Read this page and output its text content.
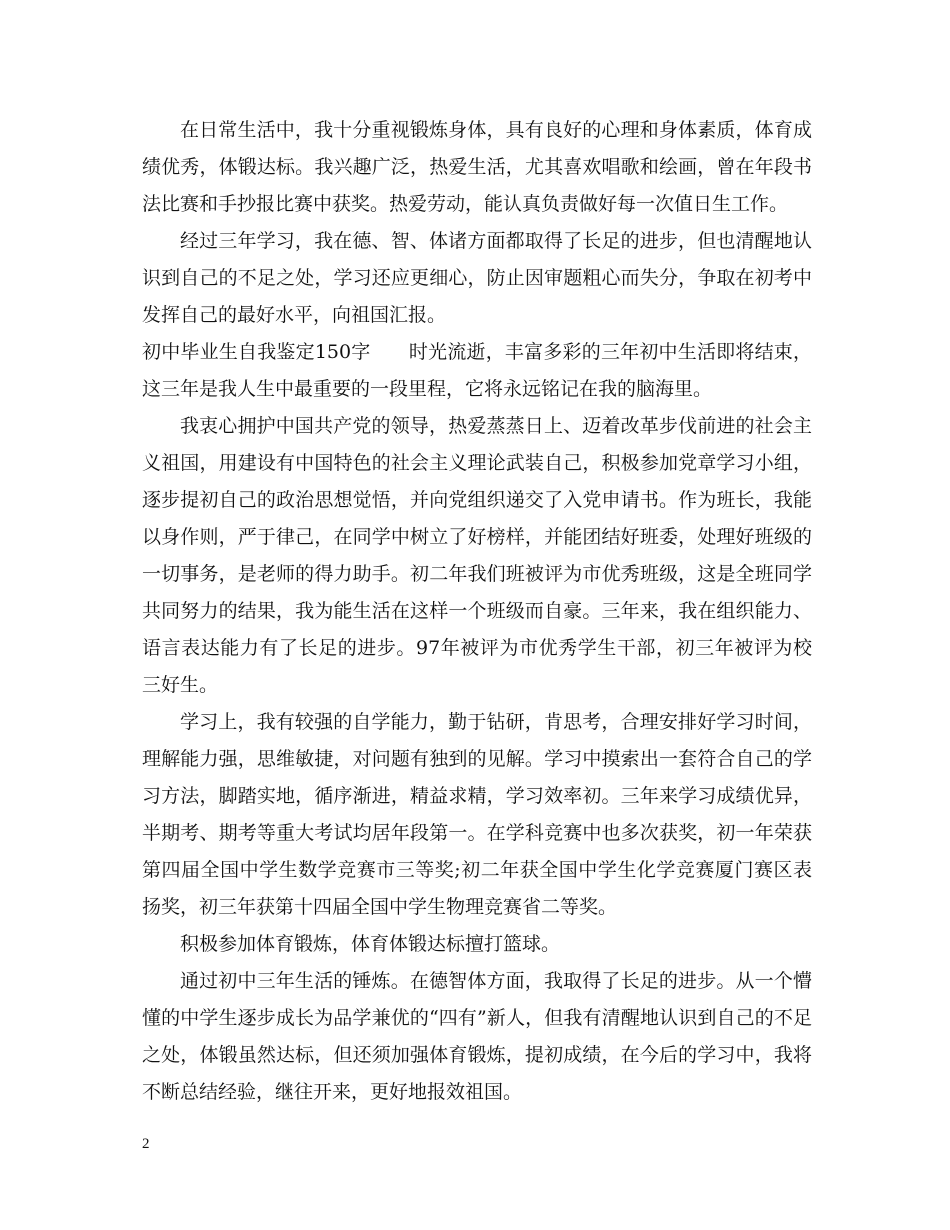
在日常生活中，我十分重视锻炼身体，具有良好的心理和身体素质，体育成绩优秀，体锻达标。我兴趣广泛，热爱生活，尤其喜欢唱歌和绘画，曾在年段书法比赛和手抄报比赛中获奖。热爱劳动，能认真负责做好每一次值日生工作。

经过三年学习，我在德、智、体诸方面都取得了长足的进步，但也清醒地认识到自己的不足之处，学习还应更细心，防止因审题粗心而失分，争取在初考中发挥自己的最好水平，向祖国汇报。

初中毕业生自我鉴定150字　　时光流逝，丰富多彩的三年初中生活即将结束，这三年是我人生中最重要的一段里程，它将永远铭记在我的脑海里。

我衷心拥护中国共产党的领导，热爱蒸蒸日上、迈着改革步伐前进的社会主义祖国，用建设有中国特色的社会主义理论武装自己，积极参加党章学习小组，逐步提初自己的政治思想觉悟，并向党组织递交了入党申请书。作为班长，我能以身作则，严于律己，在同学中树立了好榜样，并能团结好班委，处理好班级的一切事务，是老师的得力助手。初二年我们班被评为市优秀班级，这是全班同学共同努力的结果，我为能生活在这样一个班级而自豪。三年来，我在组织能力、语言表达能力有了长足的进步。97年被评为市优秀学生干部，初三年被评为校三好生。

学习上，我有较强的自学能力，勤于钻研，肯思考，合理安排好学习时间，理解能力强，思维敏捷，对问题有独到的见解。学习中摸索出一套符合自己的学习方法，脚踏实地，循序渐进，精益求精，学习效率初。三年来学习成绩优异，半期考、期考等重大考试均居年段第一。在学科竞赛中也多次获奖，初一年荣获第四届全国中学生数学竞赛市三等奖;初二年获全国中学生化学竞赛厦门赛区表扬奖，初三年获第十四届全国中学生物理竞赛省二等奖。

积极参加体育锻炼，体育体锻达标擅打篮球。

通过初中三年生活的锤炼。在德智体方面，我取得了长足的进步。从一个懵懂的中学生逐步成长为品学兼优的“四有”新人，但我有清醒地认识到自己的不足之处，体锻虽然达标，但还须加强体育锻炼，提初成绩，在今后的学习中，我将不断总结经验，继往开来，更好地报效祖国。

2
